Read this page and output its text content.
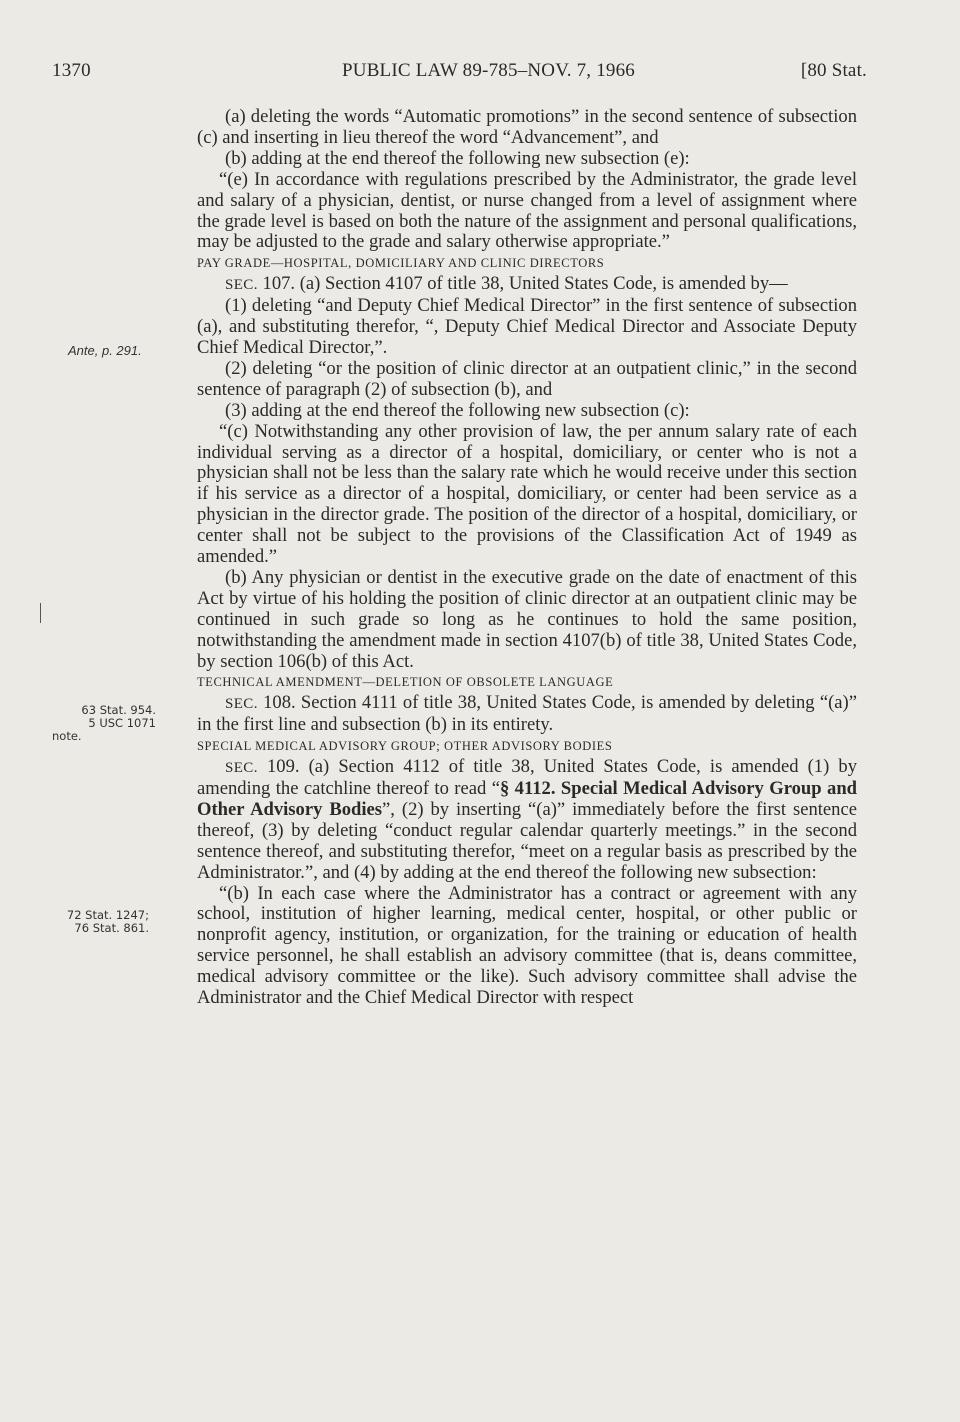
1370	PUBLIC LAW 89-785–NOV. 7, 1966	[80 Stat.
Ante, p. 291.
63 Stat. 954.
5 USC 1071
note.
72 Stat. 1247;
76 Stat. 861.

(a) deleting the words “Automatic promotions” in the second sentence of subsection (c) and inserting in lieu thereof the word “Advancement”, and

(b) adding at the end thereof the following new subsection (e):

“(e) In accordance with regulations prescribed by the Administrator, the grade level and salary of a physician, dentist, or nurse changed from a level of assignment where the grade level is based on both the nature of the assignment and personal qualifications, may be adjusted to the grade and salary otherwise appropriate.”

PAY GRADE—HOSPITAL, DOMICILIARY AND CLINIC DIRECTORS

SEC. 107. (a) Section 4107 of title 38, United States Code, is amended by—

(1) deleting “and Deputy Chief Medical Director” in the first sentence of subsection (a), and substituting therefor, “, Deputy Chief Medical Director and Associate Deputy Chief Medical Director,”.

(2) deleting “or the position of clinic director at an outpatient clinic,” in the second sentence of paragraph (2) of subsection (b), and

(3) adding at the end thereof the following new subsection (c):

“(c) Notwithstanding any other provision of law, the per annum salary rate of each individual serving as a director of a hospital, domiciliary, or center who is not a physician shall not be less than the salary rate which he would receive under this section if his service as a director of a hospital, domiciliary, or center had been service as a physician in the director grade. The position of the director of a hospital, domiciliary, or center shall not be subject to the provisions of the Classification Act of 1949 as amended.”

(b) Any physician or dentist in the executive grade on the date of enactment of this Act by virtue of his holding the position of clinic director at an outpatient clinic may be continued in such grade so long as he continues to hold the same position, notwithstanding the amendment made in section 4107(b) of title 38, United States Code, by section 106(b) of this Act.

TECHNICAL AMENDMENT—DELETION OF OBSOLETE LANGUAGE

SEC. 108. Section 4111 of title 38, United States Code, is amended by deleting “(a)” in the first line and subsection (b) in its entirety.

SPECIAL MEDICAL ADVISORY GROUP; OTHER ADVISORY BODIES

SEC. 109. (a) Section 4112 of title 38, United States Code, is amended (1) by amending the catchline thereof to read “§ 4112. Special Medical Advisory Group and Other Advisory Bodies”, (2) by inserting “(a)” immediately before the first sentence thereof, (3) by deleting “conduct regular calendar quarterly meetings.” in the second sentence thereof, and substituting therefor, “meet on a regular basis as prescribed by the Administrator.”, and (4) by adding at the end thereof the following new subsection:

“(b) In each case where the Administrator has a contract or agreement with any school, institution of higher learning, medical center, hospital, or other public or nonprofit agency, institution, or organization, for the training or education of health service personnel, he shall establish an advisory committee (that is, deans committee, medical advisory committee or the like). Such advisory committee shall advise the Administrator and the Chief Medical Director with respect
